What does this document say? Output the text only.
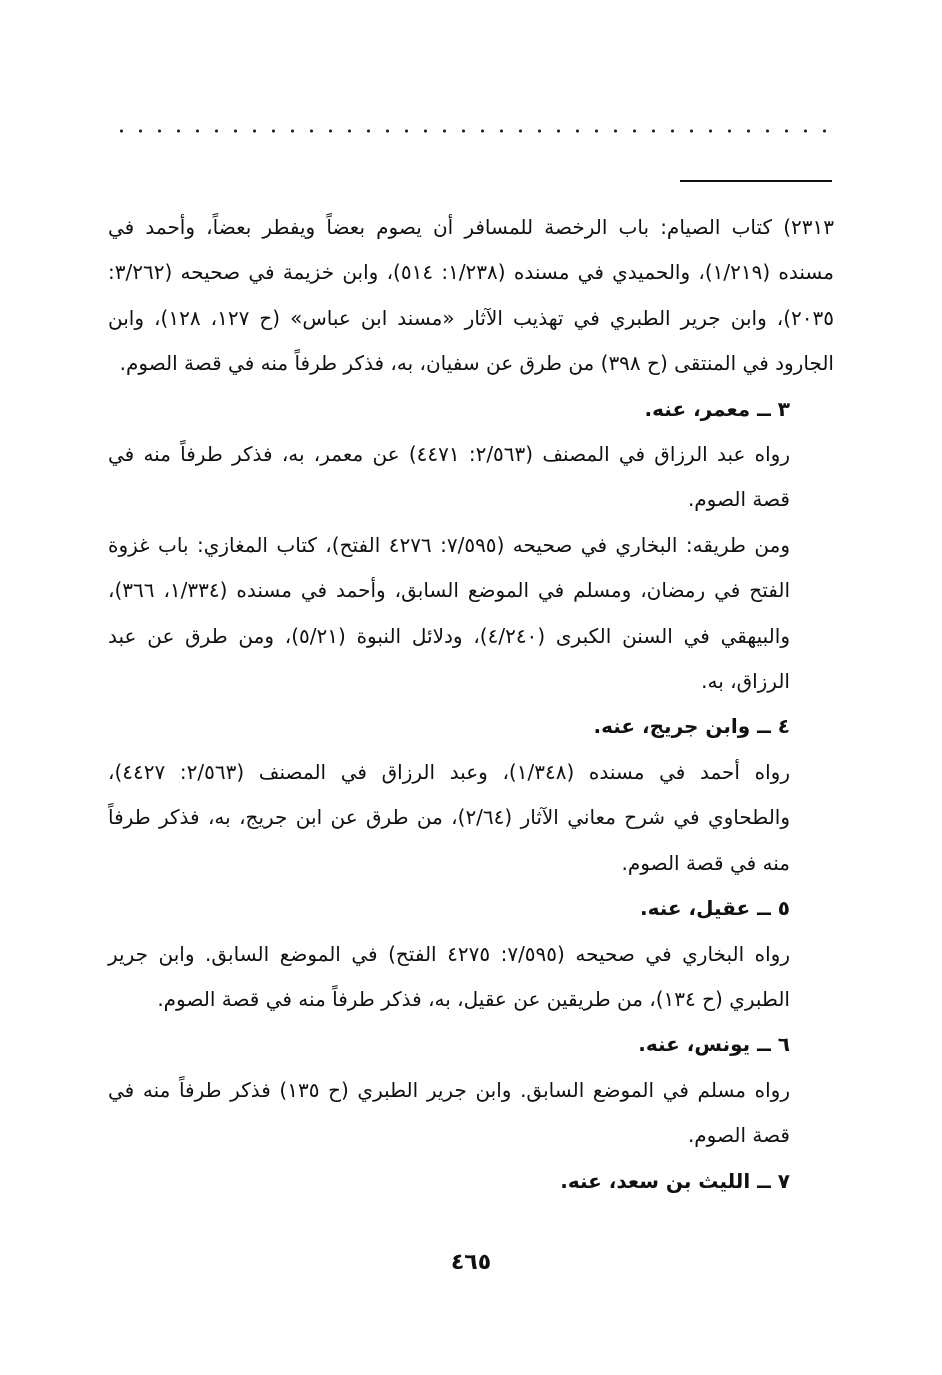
٢٣١٣) كتاب الصيام: باب الرخصة للمسافر أن يصوم بعضاً ويفطر بعضاً، وأحمد في مسنده (١/٢١٩)، والحميدي في مسنده (١/٢٣٨: ٥١٤)، وابن خزيمة في صحيحه (٣/٢٦٢: ٢٠٣٥)، وابن جرير الطبري في تهذيب الآثار «مسند ابن عباس» (ح ١٢٧، ١٢٨)، وابن الجارود في المنتقى (ح ٣٩٨) من طرق عن سفيان، به، فذكر طرفاً منه في قصة الصوم.

٣ ــ معمر، عنه.

رواه عبد الرزاق في المصنف (٢/٥٦٣: ٤٤٧١) عن معمر، به، فذكر طرفاً منه في قصة الصوم.

ومن طريقه: البخاري في صحيحه (٧/٥٩٥: ٤٢٧٦ الفتح)، كتاب المغازي: باب غزوة الفتح في رمضان، ومسلم في الموضع السابق، وأحمد في مسنده (١/٣٣٤، ٣٦٦)، والبيهقي في السنن الكبرى (٤/٢٤٠)، ودلائل النبوة (٥/٢١)، ومن طرق عن عبد الرزاق، به.

٤ ــ وابن جريج، عنه.

رواه أحمد في مسنده (١/٣٤٨)، وعبد الرزاق في المصنف (٢/٥٦٣: ٤٤٢٧)، والطحاوي في شرح معاني الآثار (٢/٦٤)، من طرق عن ابن جريج، به، فذكر طرفاً منه في قصة الصوم.

٥ ــ عقيل، عنه.

رواه البخاري في صحيحه (٧/٥٩٥: ٤٢٧٥ الفتح) في الموضع السابق. وابن جرير الطبري (ح ١٣٤)، من طريقين عن عقيل، به، فذكر طرفاً منه في قصة الصوم.

٦ ــ يونس، عنه.

رواه مسلم في الموضع السابق. وابن جرير الطبري (ح ١٣٥) فذكر طرفاً منه في قصة الصوم.

٧ ــ الليث بن سعد، عنه.

٤٦٥
